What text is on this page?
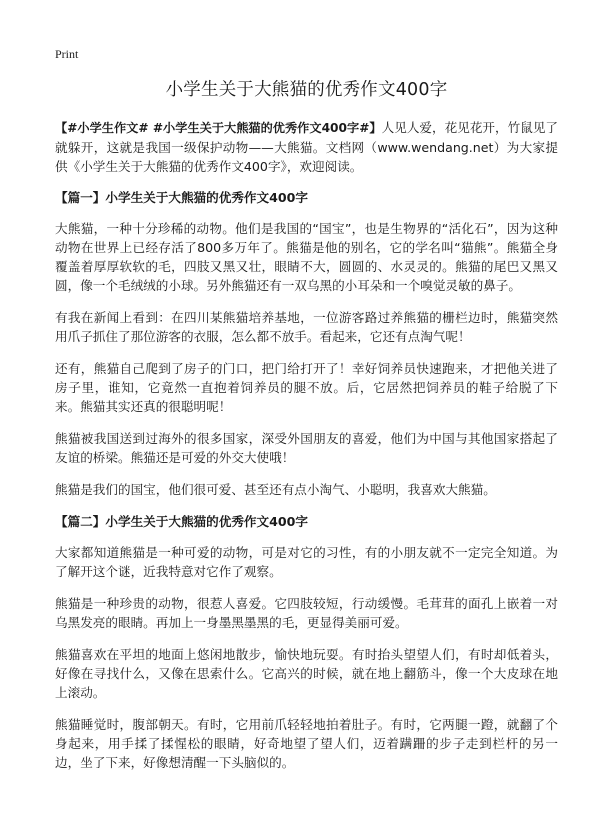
Print
小学生关于大熊猫的优秀作文400字

【#小学生作文# #小学生关于大熊猫的优秀作文400字#】人见人爱，花见花开，竹鼠见了就躲开，这就是我国一级保护动物——大熊猫。文档网（www.wendang.net）为大家提供《小学生关于大熊猫的优秀作文400字》，欢迎阅读。

【篇一】小学生关于大熊猫的优秀作文400字

大熊猫，一种十分珍稀的动物。他们是我国的“国宝”，也是生物界的“活化石”，因为这种动物在世界上已经存活了800多万年了。熊猫是他的别名，它的学名叫“猫熊”。熊猫全身覆盖着厚厚软软的毛，四肢又黑又壮，眼睛不大，圆圆的、水灵灵的。熊猫的尾巴又黑又圆，像一个毛绒绒的小球。另外熊猫还有一双乌黑的小耳朵和一个嗅觉灵敏的鼻子。

有我在新闻上看到：在四川某熊猫培养基地，一位游客路过养熊猫的栅栏边时，熊猫突然用爪子抓住了那位游客的衣服，怎么都不放手。看起来，它还有点淘气呢！

还有，熊猫自己爬到了房子的门口，把门给打开了！幸好饲养员快速跑来，才把他关进了房子里，谁知，它竟然一直抱着饲养员的腿不放。后，它居然把饲养员的鞋子给脱了下来。熊猫其实还真的很聪明呢！

熊猫被我国送到过海外的很多国家，深受外国朋友的喜爱，他们为中国与其他国家搭起了友谊的桥梁。熊猫还是可爱的外交大使哦！

熊猫是我们的国宝，他们很可爱、甚至还有点小淘气、小聪明，我喜欢大熊猫。

【篇二】小学生关于大熊猫的优秀作文400字

大家都知道熊猫是一种可爱的动物，可是对它的习性，有的小朋友就不一定完全知道。为了解开这个谜，近我特意对它作了观察。

熊猫是一种珍贵的动物，很惹人喜爱。它四肢较短，行动缓慢。毛茸茸的面孔上嵌着一对乌黑发亮的眼睛。再加上一身墨黑墨黑的毛，更显得美丽可爱。

熊猫喜欢在平坦的地面上悠闲地散步，愉快地玩耍。有时抬头望望人们，有时却低着头，好像在寻找什么，又像在思索什么。它高兴的时候，就在地上翻筋斗，像一个大皮球在地上滚动。

熊猫睡觉时，腹部朝天。有时，它用前爪轻轻地拍着肚子。有时，它两腿一蹬，就翻了个身起来，用手揉了揉惺松的眼睛，好奇地望了望人们，迈着蹒跚的步子走到栏杆的另一边，坐了下来，好像想清醒一下头脑似的。
